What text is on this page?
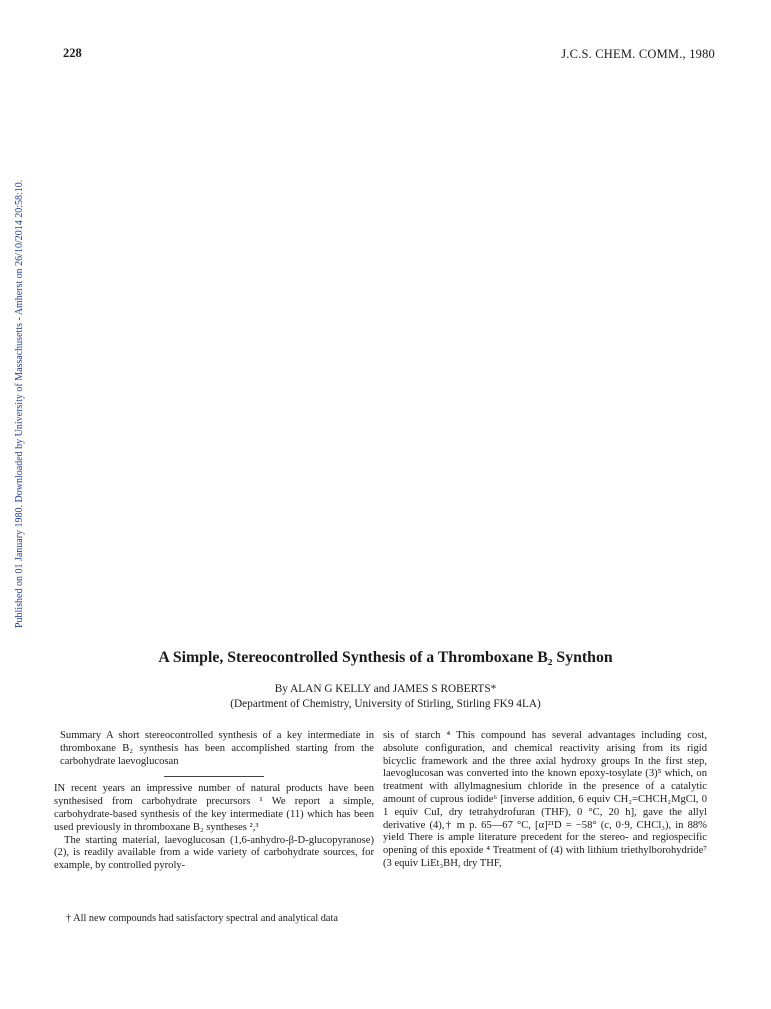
228	J.C.S. CHEM. COMM., 1980
Published on 01 January 1980. Downloaded by University of Massachusetts - Amherst on 26/10/2014 20:58:10.
A Simple, Stereocontrolled Synthesis of a Thromboxane B₂ Synthon
By ALAN G KELLY and JAMES S ROBERTS*
(Department of Chemistry, University of Stirling, Stirling FK9 4LA)

Summary A short stereocontrolled synthesis of a key intermediate in thromboxane B₂ synthesis has been accomplished starting from the carbohydrate laevoglucosan

IN recent years an impressive number of natural products have been synthesised from carbohydrate precursors ¹ We report a simple, carbohydrate-based synthesis of the key intermediate (11) which has been used previously in thromboxane B₂ syntheses ²,³

The starting material, laevoglucosan (1,6-anhydro-β-D-glucopyranose) (2), is readily available from a wide variety of carbohydrate sources, for example, by controlled pyroly-

sis of starch ⁴ This compound has several advantages including cost, absolute configuration, and chemical reactivity arising from its rigid bicyclic framework and the three axial hydroxy groups In the first step, laevoglucosan was converted into the known epoxy-tosylate (3)⁵ which, on treatment with allylmagnesium chloride in the presence of a catalytic amount of cuprous iodide⁶ [inverse addition, 6 equiv CH₂=CHCH₂MgCl, 0 1 equiv CuI, dry tetrahydrofuran (THF), 0 °C, 20 h], gave the allyl derivative (4),† m p. 65—67 °C, [α]²¹D = −58° (c, 0·9, CHCl₃), in 88% yield There is ample literature precedent for the stereo- and regiospecific opening of this epoxide ⁴ Treatment of (4) with lithium triethylborohydride⁷ (3 equiv LiEt₃BH, dry THF,

† All new compounds had satisfactory spectral and analytical data
